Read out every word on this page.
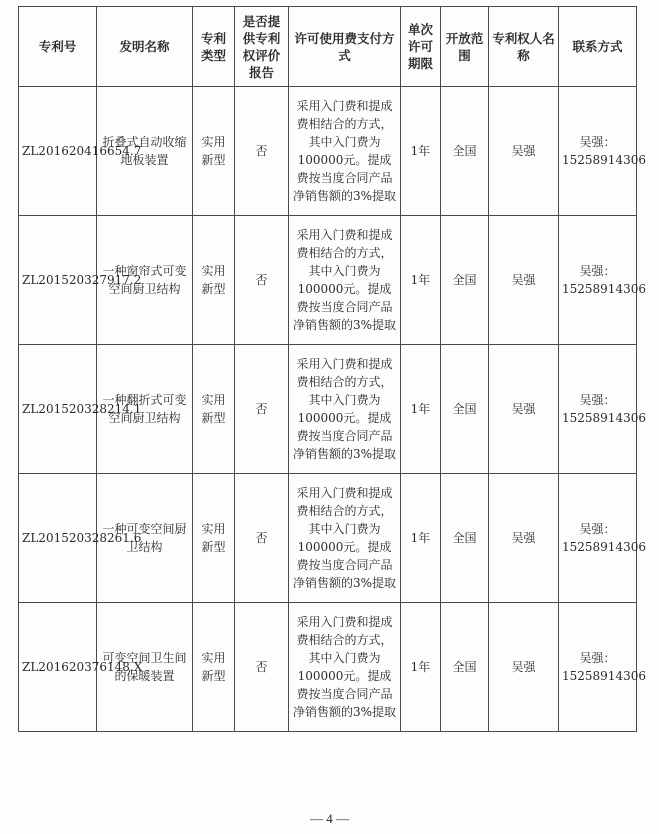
专利号	发明名称	专利类型	是否提供专利权评价报告	许可使用费支付方式	单次许可期限	开放范围	专利权人名称	联系方式
ZL201620416654.7	折叠式自动收缩地板装置	实用新型	否	采用入门费和提成费相结合的方式，其中入门费为100000元。提成费按当度合同产品净销售额的3%提取	1年	全国	吴强	吴强：15258914306
ZL201520327917.2	一种窗帘式可变空间厨卫结构	实用新型	否	采用入门费和提成费相结合的方式，其中入门费为100000元。提成费按当度合同产品净销售额的3%提取	1年	全国	吴强	吴强：15258914306
ZL201520328214.1	一种翻折式可变空间厨卫结构	实用新型	否	采用入门费和提成费相结合的方式，其中入门费为100000元。提成费按当度合同产品净销售额的3%提取	1年	全国	吴强	吴强：15258914306
ZL201520328261.6	一种可变空间厨卫结构	实用新型	否	采用入门费和提成费相结合的方式，其中入门费为100000元。提成费按当度合同产品净销售额的3%提取	1年	全国	吴强	吴强：15258914306
ZL201620376148.X	可变空间卫生间的保暖装置	实用新型	否	采用入门费和提成费相结合的方式，其中入门费为100000元。提成费按当度合同产品净销售额的3%提取	1年	全国	吴强	吴强：15258914306
— 4 —
